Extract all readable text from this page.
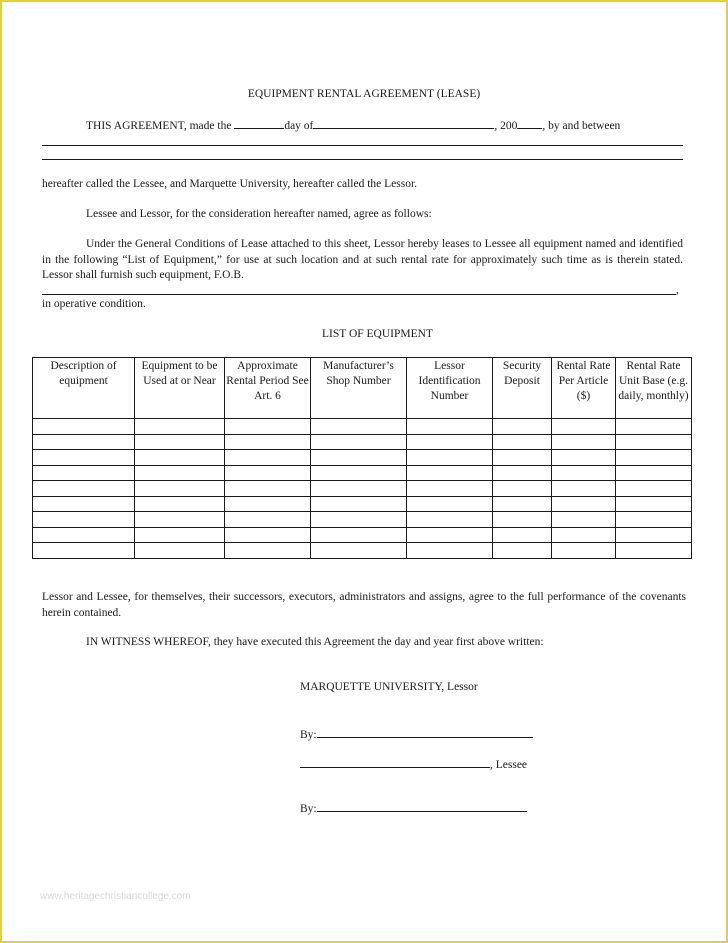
EQUIPMENT RENTAL AGREEMENT (LEASE)
THIS AGREEMENT, made the	day of	, 200 , by and between
hereafter called the Lessee, and Marquette University, hereafter called the Lessor.
Lessee and Lessor, for the consideration hereafter named, agree as follows:
Under the General Conditions of Lease attached to this sheet, Lessor hereby leases to Lessee all equipment named and identified in the following “List of Equipment,” for use at such location and at such rental rate for approximately such time as is therein stated. Lessor shall furnish such equipment, F.O.B.
,
in operative condition.
LIST OF EQUIPMENT
Description of equipment	Equipment to be Used at or Near	Approximate Rental Period See Art. 6	Manufacturer’s Shop Number	Lessor Identification Number	Security Deposit	Rental Rate Per Article ($)	Rental Rate Unit Base (e.g. daily, monthly)

Lessor and Lessee, for themselves, their successors, executors, administrators and assigns, agree to the full performance of the covenants herein contained.
IN WITNESS WHEREOF, they have executed this Agreement the day and year first above written:
MARQUETTE UNIVERSITY, Lessor
By:
, Lessee
By:
www.heritagechristiancollege.com
